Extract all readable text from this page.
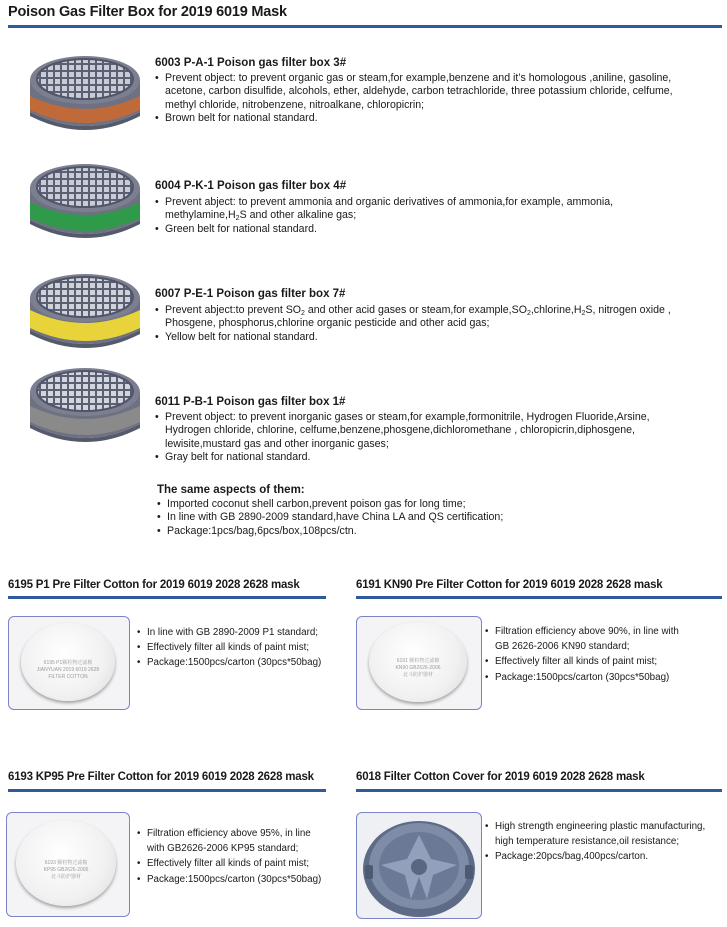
Poison Gas Filter Box for 2019 6019 Mask
6003 P-A-1 Poison gas filter box 3#
• Prevent object: to prevent organic gas or steam,for example,benzene and it’s homologous ,aniline, gasoline,
acetone, carbon disulfide, alcohols, ether, aldehyde, carbon tetrachloride, three potassium chloride, celfume,
methyl chloride, nitrobenzene, nitroalkane, chloropicrin;
• Brown belt for national standard.
6004 P-K-1 Poison gas filter box 4#
• Prevent abject: to prevent ammonia and organic derivatives of ammonia,for example, ammonia,
$methylamine,H_2S$ and other alkaline gas;
• Green belt for national standard.
6007 P-E-1 Poison gas filter box 7#
• Prevent abject:to prevent $SO_2$ and other acid gases or steam,for $example,SO_2,chlorine,H_2S$, nitrogen oxide ,
Phosgene, phosphorus,chlorine organic pesticide and other acid gas;
• Yellow belt for national standard.
6011 P-B-1 Poison gas filter box 1#
• Prevent object: to prevent inorganic gases or steam,for example,formonitrile, Hydrogen Fluoride,Arsine,
Hydrogen chloride, chlorine, celfume,benzene,phosgene,dichloromethane , chloropicrin,diphosgene,
lewisite,mustard gas and other inorganic gases;
• Gray belt for national standard.
The same aspects of them:
• Imported coconut shell carbon,prevent poison gas for long time;
• In line with GB 2890-2009 standard,have China LA and QS certification;
• Package:1pcs/bag,6pcs/box,108pcs/ctn.
6195 P1 Pre Filter Cotton for 2019 6019 2028 2628 mask	6191 KN90 Pre Filter Cotton for 2019 6019 2028 2628 mask
6195 P1颗粒物过滤棉
JIANYUAN 2019 6019 2628
FILTER COTTON
• In line with GB 2890-2009 P1 standard;
• Effectively filter all kinds of paint mist;
• Package:1500pcs/carton (30pcs*50bag)	6191 颗粒物过滤棉
KN90 GB2626-2006
北斗防护器材
• Filtration efficiency above 90%, in line with
GB 2626-2006 KN90 standard;
• Effectively filter all kinds of paint mist;
• Package:1500pcs/carton (30pcs*50bag)
6193 KP95 Pre Filter Cotton for 2019 6019 2028 2628 mask	6018 Filter Cotton Cover for 2019 6019 2028 2628 mask
6193 颗粒物过滤棉
KP95 GB2626-2006
北斗防护器材
• Filtration efficiency above 95%, in line
with GB2626-2006 KP95 standard;
• Effectively filter all kinds of paint mist;
• Package:1500pcs/carton (30pcs*50bag)
• High strength engineering plastic manufacturing,
high temperature resistance,oil resistance;
• Package:20pcs/bag,400pcs/carton.
